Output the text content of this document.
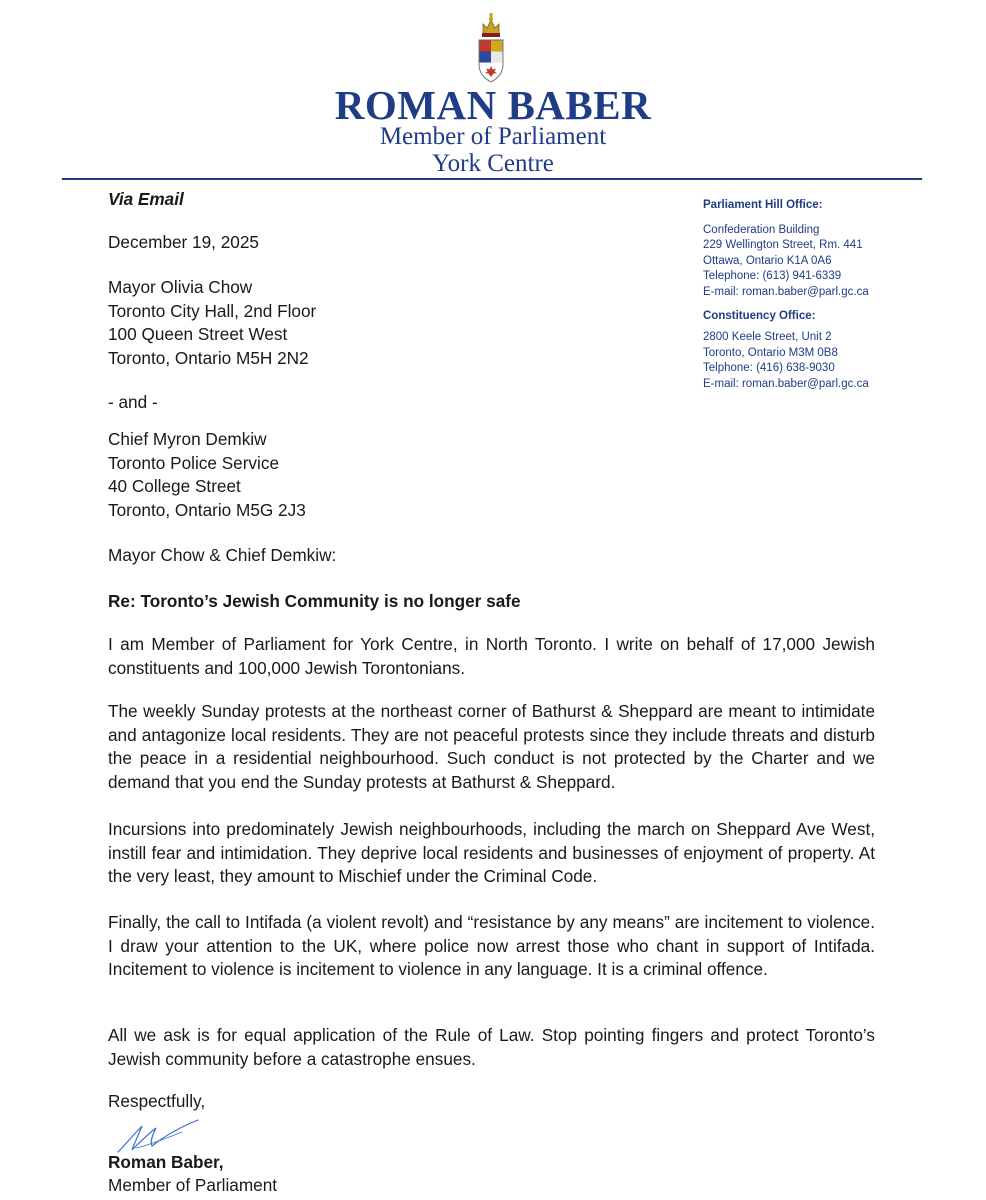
ROMAN BABER
Member of Parliament
York Centre
Parliament Hill Office:
Confederation Building
229 Wellington Street, Rm. 441
Ottawa, Ontario K1A 0A6
Telephone: (613) 941-6339
E-mail: roman.baber@parl.gc.ca
Constituency Office:
2800 Keele Street, Unit 2
Toronto, Ontario M3M 0B8
Telphone: (416) 638-9030
E-mail: roman.baber@parl.gc.ca
Via Email
December 19, 2025
Mayor Olivia Chow
Toronto City Hall, 2nd Floor
100 Queen Street West
Toronto, Ontario M5H 2N2
- and -
Chief Myron Demkiw
Toronto Police Service
40 College Street
Toronto, Ontario M5G 2J3
Mayor Chow & Chief Demkiw:
Re: Toronto’s Jewish Community is no longer safe
I am Member of Parliament for York Centre, in North Toronto. I write on behalf of 17,000 Jewish constituents and 100,000 Jewish Torontonians.
The weekly Sunday protests at the northeast corner of Bathurst & Sheppard are meant to intimidate and antagonize local residents. They are not peaceful protests since they include threats and disturb the peace in a residential neighbourhood. Such conduct is not protected by the Charter and we demand that you end the Sunday protests at Bathurst & Sheppard.
Incursions into predominately Jewish neighbourhoods, including the march on Sheppard Ave West, instill fear and intimidation. They deprive local residents and businesses of enjoyment of property. At the very least, they amount to Mischief under the Criminal Code.
Finally, the call to Intifada (a violent revolt) and “resistance by any means” are incitement to violence. I draw your attention to the UK, where police now arrest those who chant in support of Intifada. Incitement to violence is incitement to violence in any language. It is a criminal offence.
All we ask is for equal application of the Rule of Law. Stop pointing fingers and protect Toronto’s Jewish community before a catastrophe ensues.
Respectfully,
Roman Baber,
Member of Parliament
